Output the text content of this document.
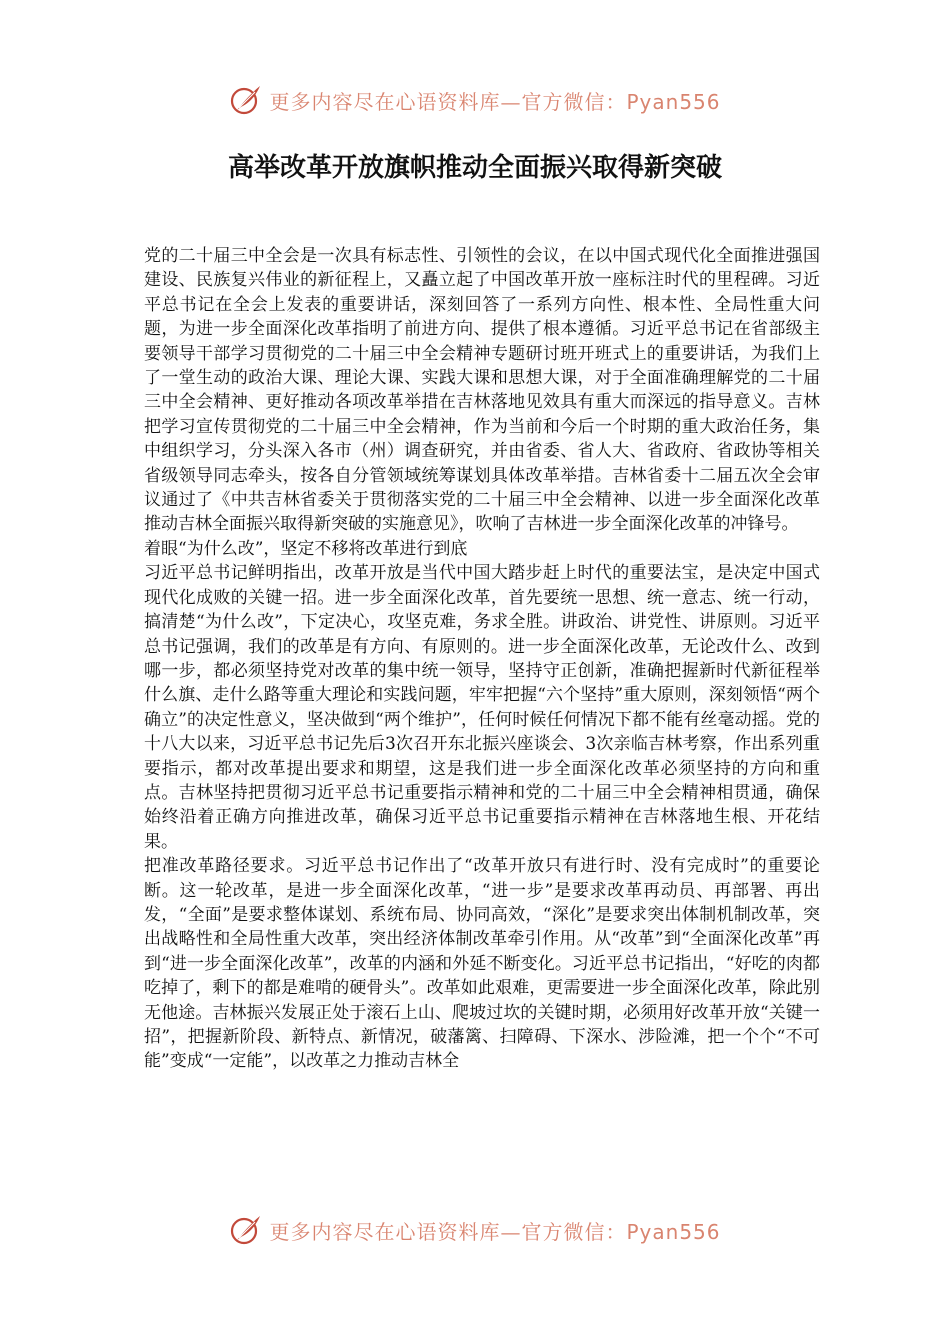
更多内容尽在心语资料库—官方微信：Pyan556
高举改革开放旗帜推动全面振兴取得新突破

党的二十届三中全会是一次具有标志性、引领性的会议，在以中国式现代化全面推进强国建设、民族复兴伟业的新征程上，又矗立起了中国改革开放一座标注时代的里程碑。习近平总书记在全会上发表的重要讲话，深刻回答了一系列方向性、根本性、全局性重大问题，为进一步全面深化改革指明了前进方向、提供了根本遵循。习近平总书记在省部级主要领导干部学习贯彻党的二十届三中全会精神专题研讨班开班式上的重要讲话，为我们上了一堂生动的政治大课、理论大课、实践大课和思想大课，对于全面准确理解党的二十届三中全会精神、更好推动各项改革举措在吉林落地见效具有重大而深远的指导意义。吉林把学习宣传贯彻党的二十届三中全会精神，作为当前和今后一个时期的重大政治任务，集中组织学习，分头深入各市（州）调查研究，并由省委、省人大、省政府、省政协等相关省级领导同志牵头，按各自分管领域统筹谋划具体改革举措。吉林省委十二届五次全会审议通过了《中共吉林省委关于贯彻落实党的二十届三中全会精神、以进一步全面深化改革推动吉林全面振兴取得新突破的实施意见》，吹响了吉林进一步全面深化改革的冲锋号。

着眼“为什么改”，坚定不移将改革进行到底

习近平总书记鲜明指出，改革开放是当代中国大踏步赶上时代的重要法宝，是决定中国式现代化成败的关键一招。进一步全面深化改革，首先要统一思想、统一意志、统一行动，搞清楚“为什么改”，下定决心，攻坚克难，务求全胜。讲政治、讲党性、讲原则。习近平总书记强调，我们的改革是有方向、有原则的。进一步全面深化改革，无论改什么、改到哪一步，都必须坚持党对改革的集中统一领导，坚持守正创新，准确把握新时代新征程举什么旗、走什么路等重大理论和实践问题，牢牢把握“六个坚持”重大原则，深刻领悟“两个确立”的决定性意义，坚决做到“两个维护”，任何时候任何情况下都不能有丝毫动摇。党的十八大以来，习近平总书记先后3次召开东北振兴座谈会、3次亲临吉林考察，作出系列重要指示，都对改革提出要求和期望，这是我们进一步全面深化改革必须坚持的方向和重点。吉林坚持把贯彻习近平总书记重要指示精神和党的二十届三中全会精神相贯通，确保始终沿着正确方向推进改革，确保习近平总书记重要指示精神在吉林落地生根、开花结果。

把准改革路径要求。习近平总书记作出了“改革开放只有进行时、没有完成时”的重要论断。这一轮改革，是进一步全面深化改革，“进一步”是要求改革再动员、再部署、再出发，“全面”是要求整体谋划、系统布局、协同高效，“深化”是要求突出体制机制改革，突出战略性和全局性重大改革，突出经济体制改革牵引作用。从“改革”到“全面深化改革”再到“进一步全面深化改革”，改革的内涵和外延不断变化。习近平总书记指出，“好吃的肉都吃掉了，剩下的都是难啃的硬骨头”。改革如此艰难，更需要进一步全面深化改革，除此别无他途。吉林振兴发展正处于滚石上山、爬坡过坎的关键时期，必须用好改革开放“关键一招”，把握新阶段、新特点、新情况，破藩篱、扫障碍、下深水、涉险滩，把一个个“不可能”变成“一定能”，以改革之力推动吉林全

更多内容尽在心语资料库—官方微信：Pyan556
